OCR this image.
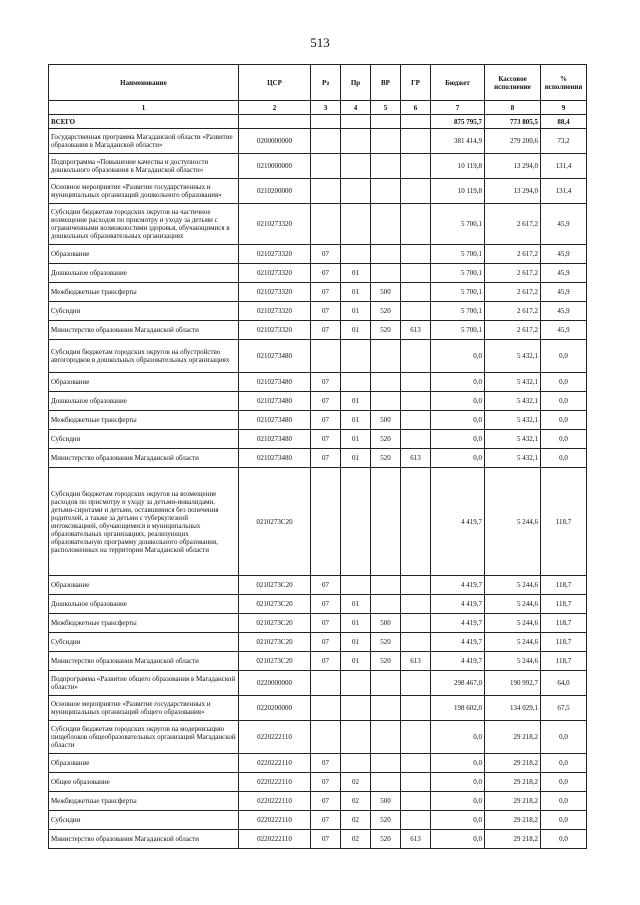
513
Наименование	ЦСР	Рз	Пр	ВР	ГР	Бюджет	Кассовое исполнение	% исполнения
1	2	3	4	5	6	7	8	9
ВСЕГО						875 795,7	773 805,5	88,4
Государственная программа Магаданской области «Развитие образования в Магаданской области»	0200000000					381 414,9	279 200,6	73,2
Подпрограмма «Повышение качества и доступности дошкольного образования в Магаданской области»	0210000000					10 119,8	13 294,0	131,4
Основное мероприятие «Развитие государственных и муниципальных организаций дошкольного образования»	0210200000					10 119,8	13 294,0	131,4
Субсидии бюджетам городских округов на частичное возмещение расходов по присмотру и уходу за детьми с ограниченными возможностями здоровья, обучающимися в дошкольных образовательных организациях	0210273320					5 700,1	2 617,2	45,9
Образование	0210273320	07				5 700,1	2 617,2	45,9
Дошкольное образование	0210273320	07	01			5 700,1	2 617,2	45,9
Межбюджетные трансферты	0210273320	07	01	500		5 700,1	2 617,2	45,9
Субсидии	0210273320	07	01	520		5 700,1	2 617,2	45,9
Министерство образования Магаданской области	0210273320	07	01	520	613	5 700,1	2 617,2	45,9
Субсидии бюджетам городских округов на обустройство автогородков в дошкольных образовательных организациях	0210273480					0,0	5 432,1	0,0
Образование	0210273480	07				0,0	5 432,1	0,0
Дошкольное образование	0210273480	07	01			0,0	5 432,1	0,0
Межбюджетные трансферты	0210273480	07	01	500		0,0	5 432,1	0,0
Субсидии	0210273480	07	01	520		0,0	5 432,1	0,0
Министерство образования Магаданской области	0210273480	07	01	520	613	0,0	5 432,1	0,0
Субсидии бюджетам городских округов на возмещение расходов по присмотру и уходу за детьми-инвалидами, детьми-сиротами и детьми, оставшимися без попечения родителей, а также за детьми с туберкулезной интоксикацией, обучающимися в муниципальных образовательных организациях, реализующих образовательную программу дошкольного образования, расположенных на территории Магаданской области	0210273С20					4 419,7	5 244,6	118,7
Образование	0210273С20	07				4 419,7	5 244,6	118,7
Дошкольное образование	0210273С20	07	01			4 419,7	5 244,6	118,7
Межбюджетные трансферты	0210273С20	07	01	500		4 419,7	5 244,6	118,7
Субсидии	0210273С20	07	01	520		4 419,7	5 244,6	118,7
Министерство образования Магаданской области	0210273С20	07	01	520	613	4 419,7	5 244,6	118,7
Подпрограмма «Развитие общего образования в Магаданской области»	0220000000					298 467,0	190 992,7	64,0
Основное мероприятие «Развитие государственных и муниципальных организаций общего образования»	0220200000					198 602,0	134 029,1	67,5
Субсидии бюджетам городских округов на модернизацию пищеблоков общеобразовательных организаций Магаданской области	0220222110					0,0	29 218,2	0,0
Образование	0220222110	07				0,0	29 218,2	0,0
Общее образование	0220222110	07	02			0,0	29 218,2	0,0
Межбюджетные трансферты	0220222110	07	02	500		0,0	29 218,2	0,0
Субсидии	0220222110	07	02	520		0,0	29 218,2	0,0
Министерство образования Магаданской области	0220222110	07	02	520	613	0,0	29 218,2	0,0
